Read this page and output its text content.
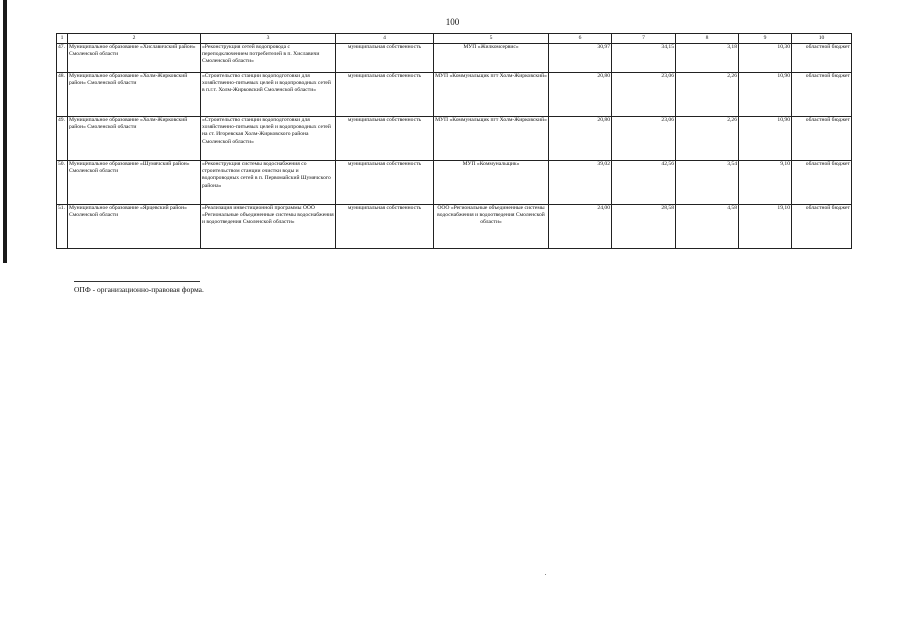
100
1	2	3	4	5	6	7	8	9	10
47.	Муниципальное образование «Хиславичский район» Смоленской области	«Реконструкция сетей водопровода с переподключением потребителей в п. Хиславичи Смоленской области»	муниципальная собственность	МУП «Жилкомсервис»	30,97	34,15	3,18	10,30	областной бюджет
48.	Муниципальное образование «Холм-Жирковский район» Смоленской области	«Строительство станции водоподготовки для хозяйственно-питьевых целей и водопроводных сетей в п.г.т. Холм-Жирковский Смоленской области»	муниципальная собственность	МУП «Коммунальщик пгт Холм-Жирковский»	20,80	23,06	2,26	10,90	областной бюджет
49.	Муниципальное образование «Холм-Жирковский район» Смоленской области	«Строительство станции водоподготовки для хозяйственно-питьевых целей и водопроводных сетей на ст. Игоревская Холм-Жирковского района Смоленской области»	муниципальная собственность	МУП «Коммунальщик пгт Холм-Жирковский»	20,80	23,06	2,26	10,90	областной бюджет
50.	Муниципальное образование «Шумячский район» Смоленской области	«Реконструкция системы водоснабжения со строительством станции очистки воды и водопроводных сетей в п. Первомайский Шумячского района»	муниципальная собственность	МУП «Коммунальщик»	39,02	42,56	3,54	9,10	областной бюджет
51.	Муниципальное образование «Ярцевский район» Смоленской области	«Реализация инвестиционной программы ООО «Региональные объединенные системы водоснабжения и водоотведения Смоленской области»	муниципальная собственность	ООО «Региональные объединенные системы водоснабжения и водоотведения Смоленской области»	24,00	28,58	4,58	19,10	областной бюджет
ОПФ - организационно-правовая форма.
